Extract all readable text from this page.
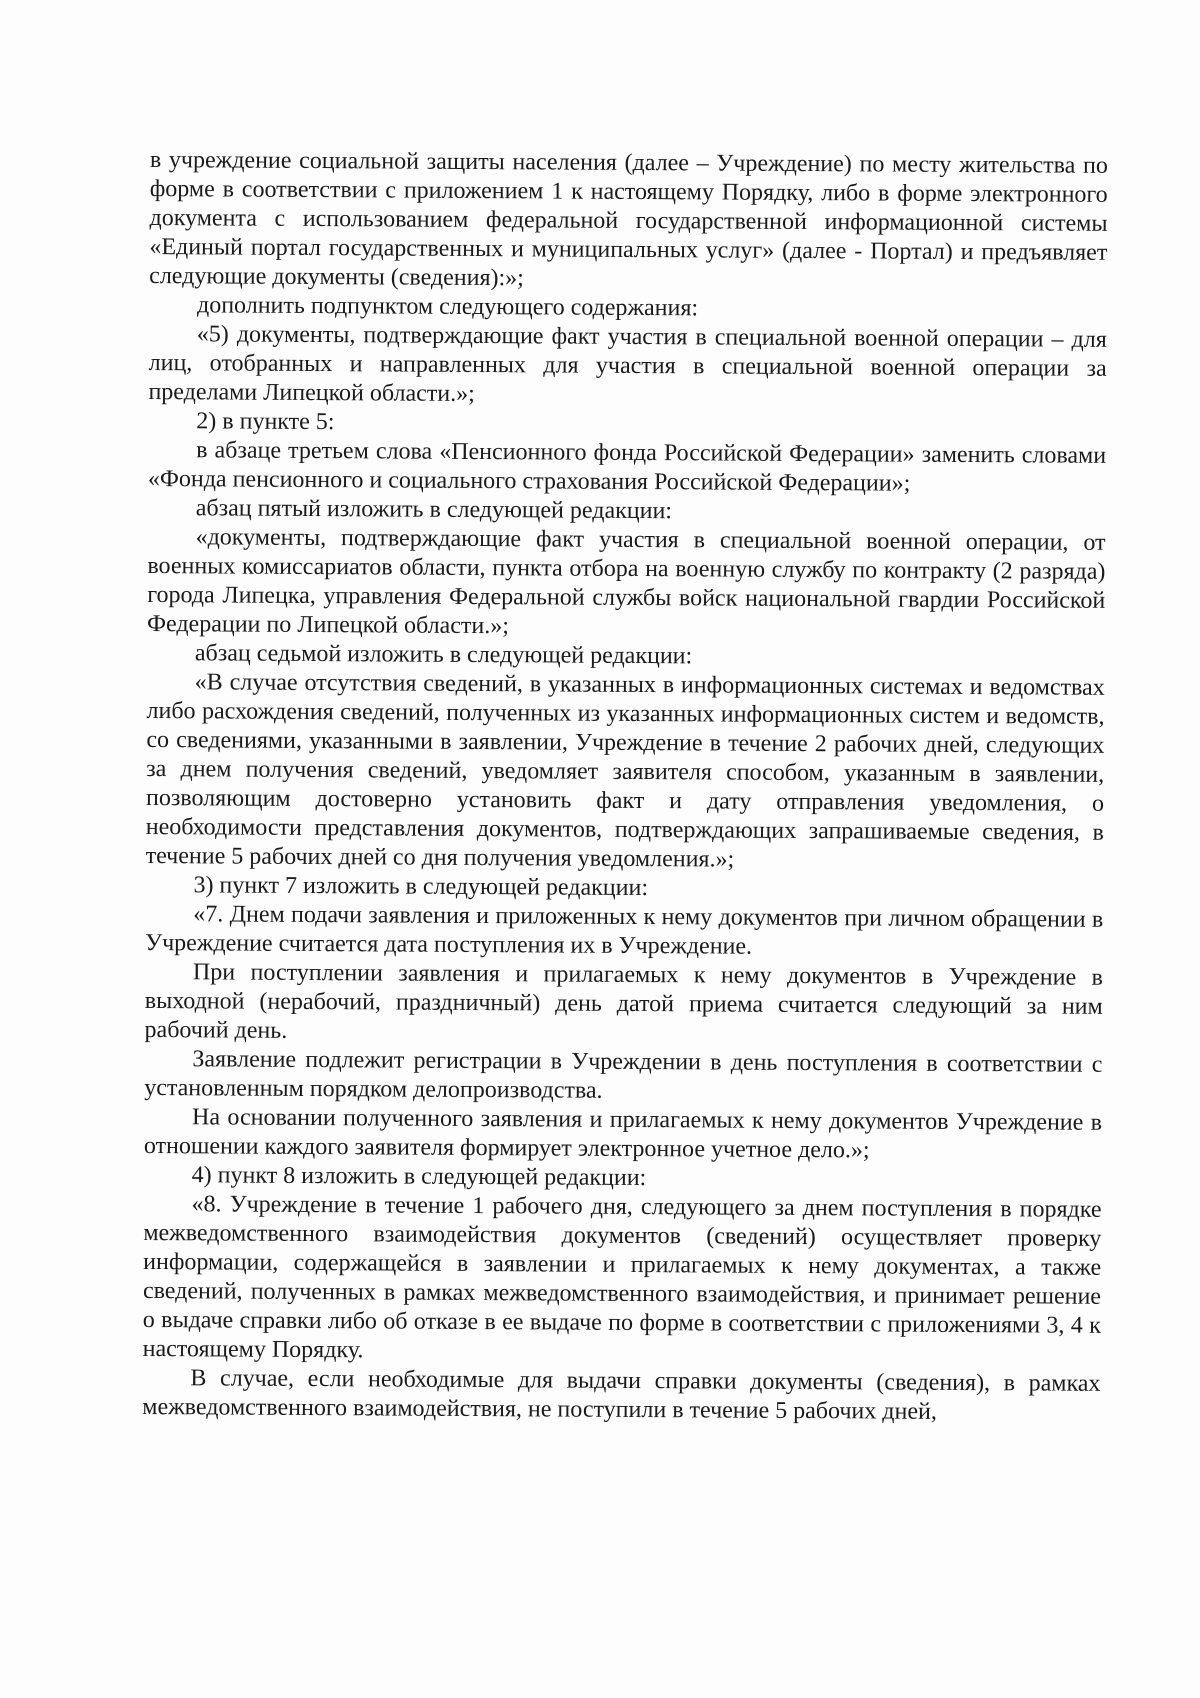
в учреждение социальной защиты населения (далее – Учреждение) по месту жительства по форме в соответствии с приложением 1 к настоящему Порядку, либо в форме электронного документа с использованием федеральной государственной информационной системы «Единый портал государственных и муниципальных услуг» (далее - Портал) и предъявляет следующие документы (сведения):»;

дополнить подпунктом следующего содержания:

«5) документы, подтверждающие факт участия в специальной военной операции – для лиц, отобранных и направленных для участия в специальной военной операции за пределами Липецкой области.»;

2) в пункте 5:

в абзаце третьем слова «Пенсионного фонда Российской Федерации» заменить словами «Фонда пенсионного и социального страхования Российской Федерации»;

абзац пятый изложить в следующей редакции:

«документы, подтверждающие факт участия в специальной военной операции, от военных комиссариатов области, пункта отбора на военную службу по контракту (2 разряда) города Липецка, управления Федеральной службы войск национальной гвардии Российской Федерации по Липецкой области.»;

абзац седьмой изложить в следующей редакции:

«В случае отсутствия сведений, в указанных в информационных системах и ведомствах либо расхождения сведений, полученных из указанных информационных систем и ведомств, со сведениями, указанными в заявлении, Учреждение в течение 2 рабочих дней, следующих за днем получения сведений, уведомляет заявителя способом, указанным в заявлении, позволяющим достоверно установить факт и дату отправления уведомления, о необходимости представления документов, подтверждающих запрашиваемые сведения, в течение 5 рабочих дней со дня получения уведомления.»;

3) пункт 7 изложить в следующей редакции:

«7. Днем подачи заявления и приложенных к нему документов при личном обращении в Учреждение считается дата поступления их в Учреждение.

При поступлении заявления и прилагаемых к нему документов в Учреждение в выходной (нерабочий, праздничный) день датой приема считается следующий за ним рабочий день.

Заявление подлежит регистрации в Учреждении в день поступления в соответствии с установленным порядком делопроизводства.

На основании полученного заявления и прилагаемых к нему документов Учреждение в отношении каждого заявителя формирует электронное учетное дело.»;

4) пункт 8 изложить в следующей редакции:

«8. Учреждение в течение 1 рабочего дня, следующего за днем поступления в порядке межведомственного взаимодействия документов (сведений) осуществляет проверку информации, содержащейся в заявлении и прилагаемых к нему документах, а также сведений, полученных в рамках межведомственного взаимодействия, и принимает решение о выдаче справки либо об отказе в ее выдаче по форме в соответствии с приложениями 3, 4 к настоящему Порядку.

В случае, если необходимые для выдачи справки документы (сведения), в рамках межведомственного взаимодействия, не поступили в течение 5 рабочих дней,
